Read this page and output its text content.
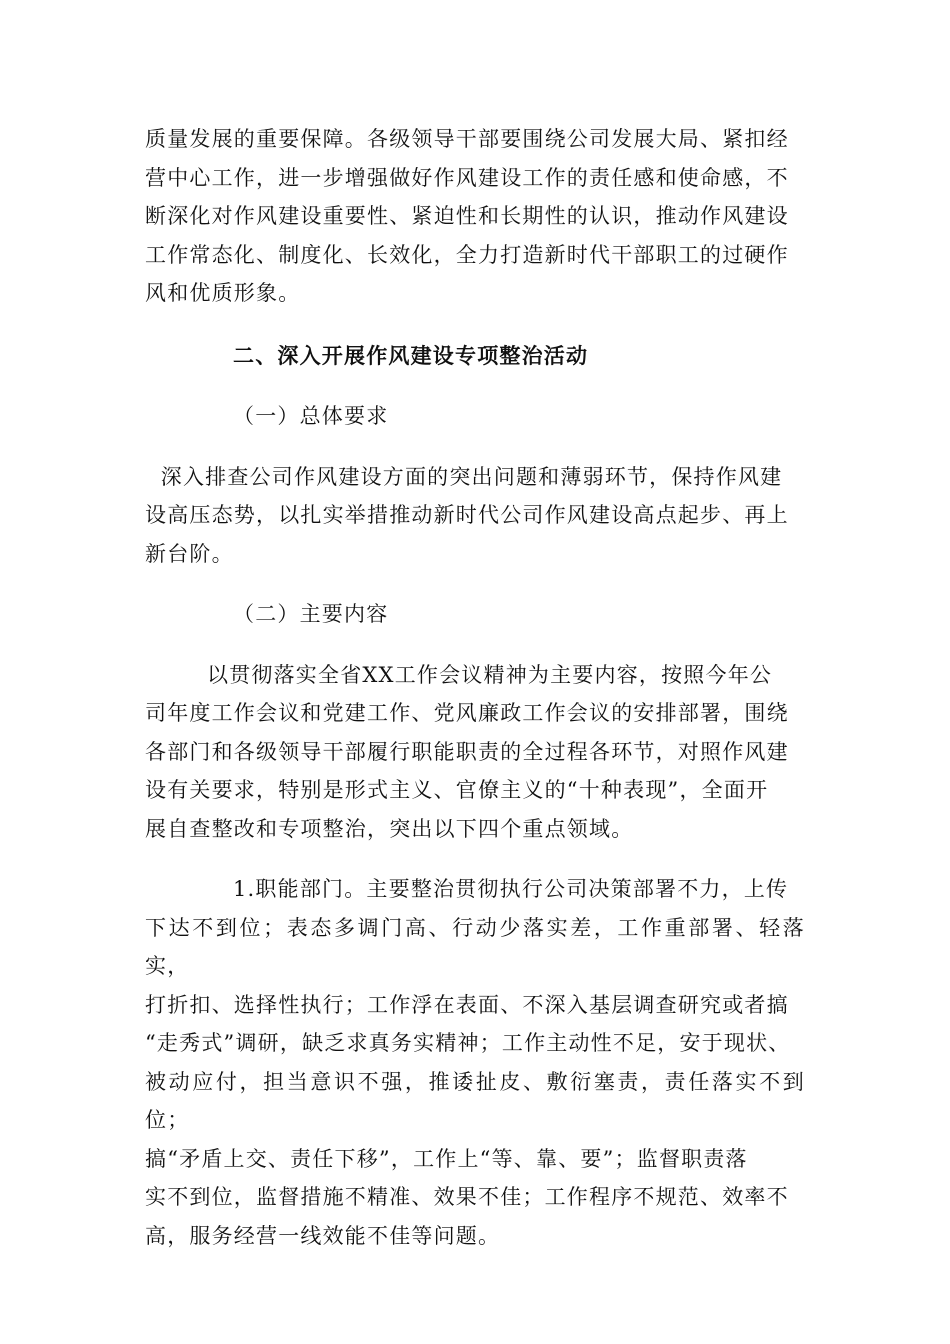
质量发展的重要保障。各级领导干部要围绕公司发展大局、紧扣经
营中心工作，进一步增强做好作风建设工作的责任感和使命感，不
断深化对作风建设重要性、紧迫性和长期性的认识，推动作风建设
工作常态化、制度化、长效化，全力打造新时代干部职工的过硬作
风和优质形象。
二、深入开展作风建设专项整治活动
（一）总体要求
深入排查公司作风建设方面的突出问题和薄弱环节，保持作风建
设高压态势，以扎实举措推动新时代公司作风建设高点起步、再上
新台阶。
（二）主要内容
以贯彻落实全省XX工作会议精神为主要内容，按照今年公
司年度工作会议和党建工作、党风廉政工作会议的安排部署，围绕
各部门和各级领导干部履行职能职责的全过程各环节，对照作风建
设有关要求，特别是形式主义、官僚主义的“十种表现”，全面开
展自查整改和专项整治，突出以下四个重点领域。
1.职能部门。主要整治贯彻执行公司决策部署不力，上传
下达不到位；表态多调门高、行动少落实差，工作重部署、轻落实，
打折扣、选择性执行；工作浮在表面、不深入基层调查研究或者搞
“走秀式”调研，缺乏求真务实精神；工作主动性不足，安于现状、
被动应付，担当意识不强，推诿扯皮、敷衍塞责，责任落实不到位；
搞“矛盾上交、责任下移”，工作上“等、靠、要”；监督职责落
实不到位，监督措施不精准、效果不佳；工作程序不规范、效率不
高，服务经营一线效能不佳等问题。
